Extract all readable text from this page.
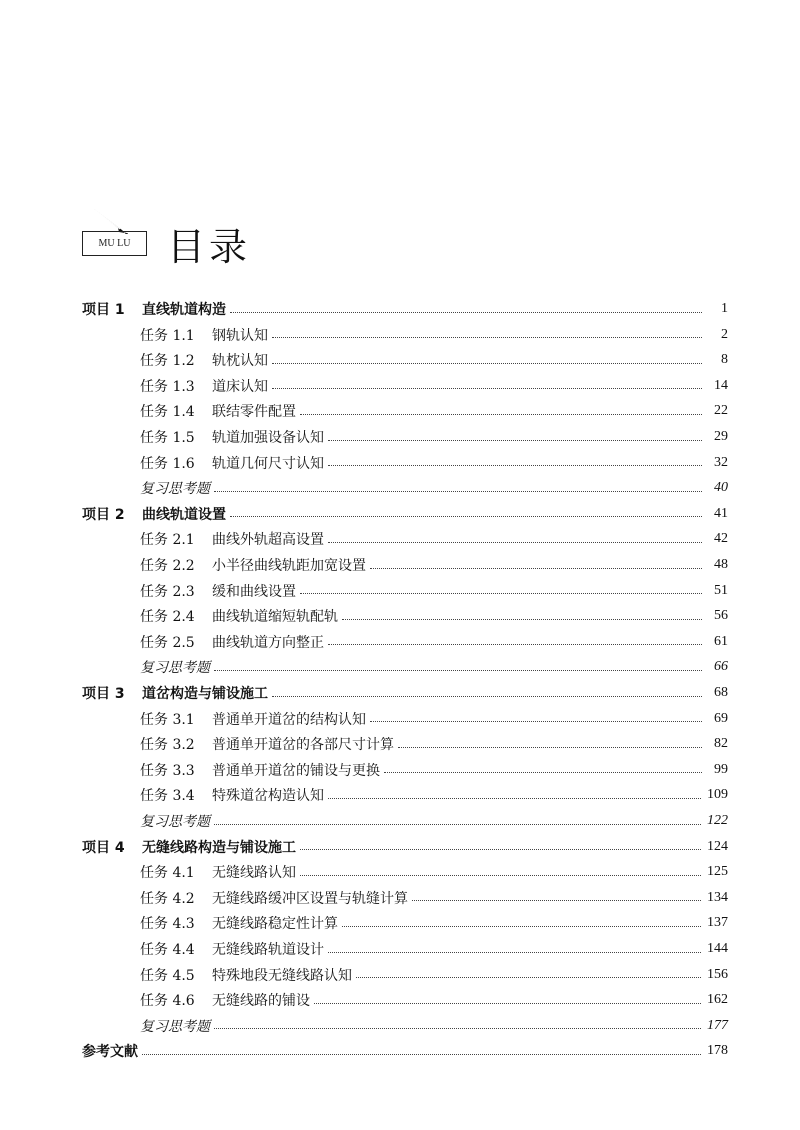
MU LU 目录
项目 1 直线轨道构造	1
任务 1.1 钢轨认知	2
任务 1.2 轨枕认知	8
任务 1.3 道床认知	14
任务 1.4 联结零件配置	22
任务 1.5 轨道加强设备认知	29
任务 1.6 轨道几何尺寸认知	32
复习思考题	40
项目 2 曲线轨道设置	41
任务 2.1 曲线外轨超高设置	42
任务 2.2 小半径曲线轨距加宽设置	48
任务 2.3 缓和曲线设置	51
任务 2.4 曲线轨道缩短轨配轨	56
任务 2.5 曲线轨道方向整正	61
复习思考题	66
项目 3 道岔构造与铺设施工	68
任务 3.1 普通单开道岔的结构认知	69
任务 3.2 普通单开道岔的各部尺寸计算	82
任务 3.3 普通单开道岔的铺设与更换	99
任务 3.4 特殊道岔构造认知	109
复习思考题	122
项目 4 无缝线路构造与铺设施工	124
任务 4.1 无缝线路认知	125
任务 4.2 无缝线路缓冲区设置与轨缝计算	134
任务 4.3 无缝线路稳定性计算	137
任务 4.4 无缝线路轨道设计	144
任务 4.5 特殊地段无缝线路认知	156
任务 4.6 无缝线路的铺设	162
复习思考题	177
参考文献	178
